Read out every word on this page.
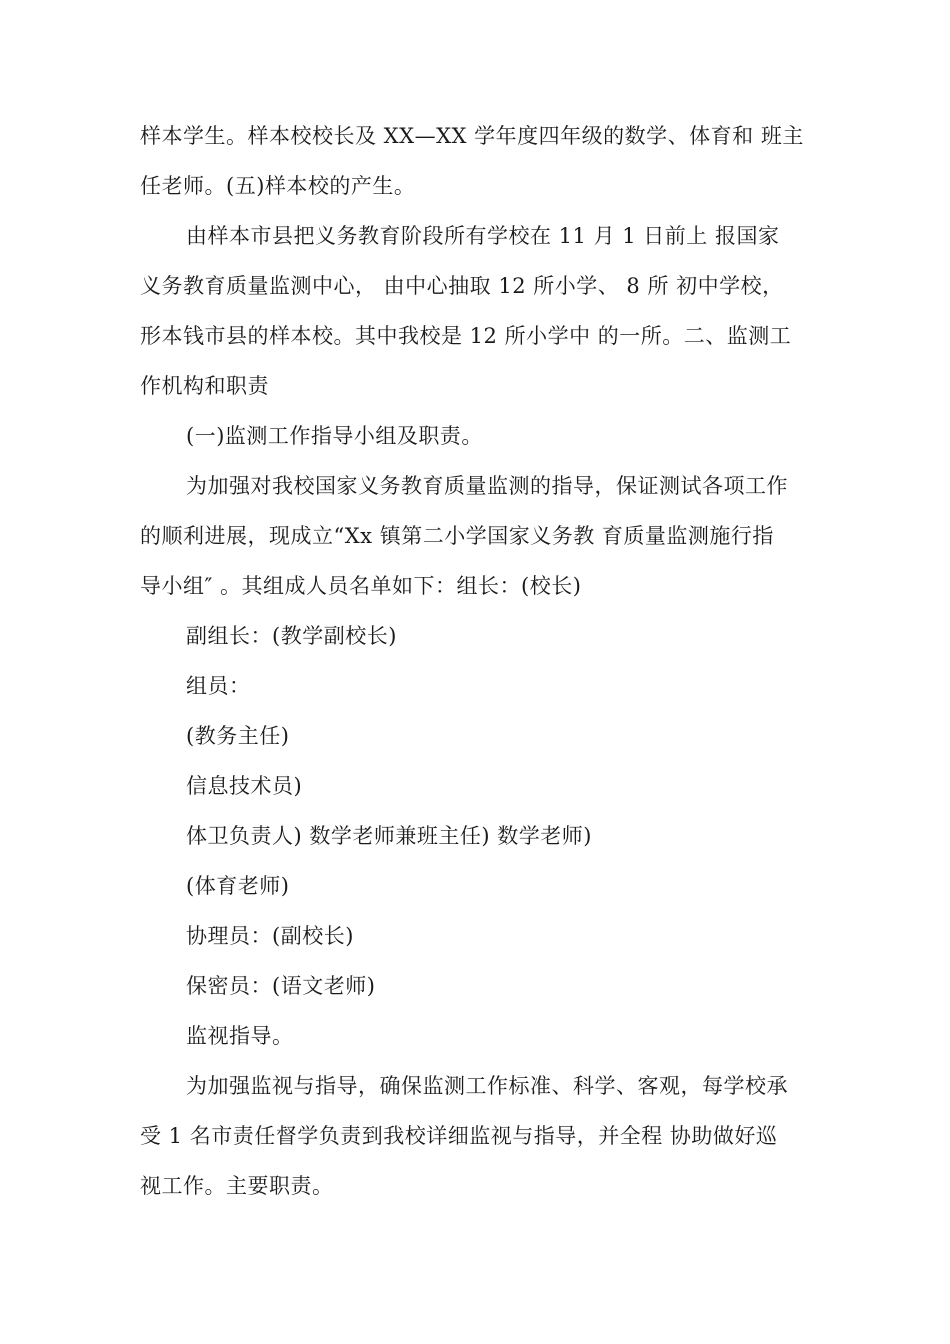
样本学生。样本校校长及 XX—XX 学年度四年级的数学、体育和 班主
任老师。(五)样本校的产生。
由样本市县把义务教育阶段所有学校在 11 月 1 日前上 报国家
义务教育质量监测中心， 由中心抽取 12 所小学、 8 所 初中学校，
形本钱市县的样本校。其中我校是 12 所小学中 的一所。二、监测工
作机构和职责
(一)监测工作指导小组及职责。
为加强对我校国家义务教育质量监测的指导，保证测试各项工作
的顺利进展，现成立“Xx 镇第二小学国家义务教 育质量监测施行指
导小组″ 。其组成人员名单如下：组长：(校长)
副组长：(教学副校长)
组员：
(教务主任)
信息技术员)
体卫负责人) 数学老师兼班主任) 数学老师)
(体育老师)
协理员：(副校长)
保密员：(语文老师)
监视指导。
为加强监视与指导，确保监测工作标准、科学、客观，每学校承
受 1 名市责任督学负责到我校详细监视与指导，并全程 协助做好巡
视工作。主要职责。
